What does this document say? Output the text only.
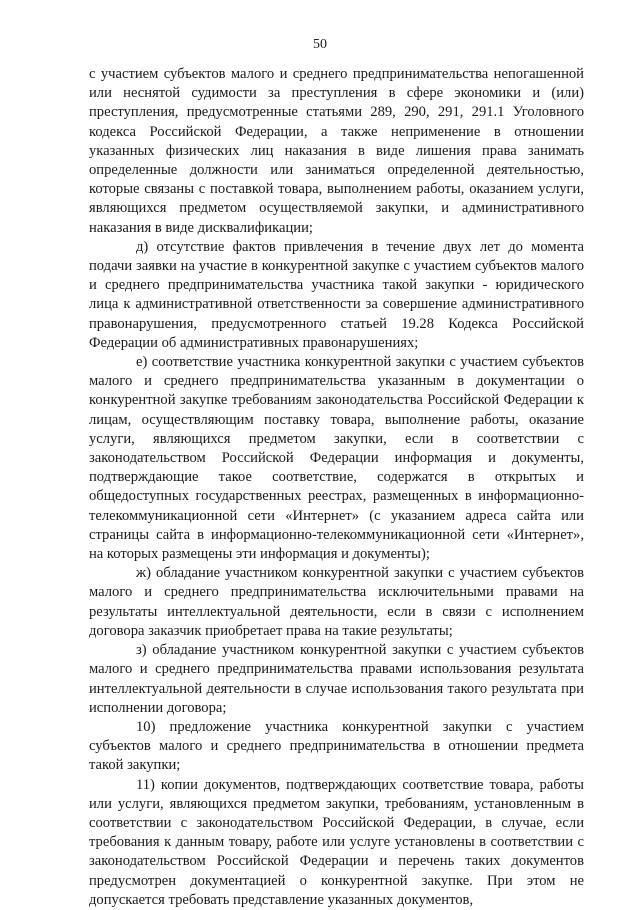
50

с участием субъектов малого и среднего предпринимательства непогашенной или неснятой судимости за преступления в сфере экономики и (или) преступления, предусмотренные статьями 289, 290, 291, 291.1 Уголовного кодекса Российской Федерации, а также неприменение в отношении указанных физических лиц наказания в виде лишения права занимать определенные должности или заниматься определенной деятельностью, которые связаны с поставкой товара, выполнением работы, оказанием услуги, являющихся предметом осуществляемой закупки, и административного наказания в виде дисквалификации;

д) отсутствие фактов привлечения в течение двух лет до момента подачи заявки на участие в конкурентной закупке с участием субъектов малого и среднего предпринимательства участника такой закупки - юридического лица к административной ответственности за совершение административного правонарушения, предусмотренного статьей 19.28 Кодекса Российской Федерации об административных правонарушениях;

е) соответствие участника конкурентной закупки с участием субъектов малого и среднего предпринимательства указанным в документации о конкурентной закупке требованиям законодательства Российской Федерации к лицам, осуществляющим поставку товара, выполнение работы, оказание услуги, являющихся предметом закупки, если в соответствии с законодательством Российской Федерации информация и документы, подтверждающие такое соответствие, содержатся в открытых и общедоступных государственных реестрах, размещенных в информационно-телекоммуникационной сети «Интернет» (с указанием адреса сайта или страницы сайта в информационно-телекоммуникационной сети «Интернет», на которых размещены эти информация и документы);

ж) обладание участником конкурентной закупки с участием субъектов малого и среднего предпринимательства исключительными правами на результаты интеллектуальной деятельности, если в связи с исполнением договора заказчик приобретает права на такие результаты;

з) обладание участником конкурентной закупки с участием субъектов малого и среднего предпринимательства правами использования результата интеллектуальной деятельности в случае использования такого результата при исполнении договора;

10) предложение участника конкурентной закупки с участием субъектов малого и среднего предпринимательства в отношении предмета такой закупки;

11) копии документов, подтверждающих соответствие товара, работы или услуги, являющихся предметом закупки, требованиям, установленным в соответствии с законодательством Российской Федерации, в случае, если требования к данным товару, работе или услуге установлены в соответствии с законодательством Российской Федерации и перечень таких документов предусмотрен документацией о конкурентной закупке. При этом не допускается требовать представление указанных документов,
